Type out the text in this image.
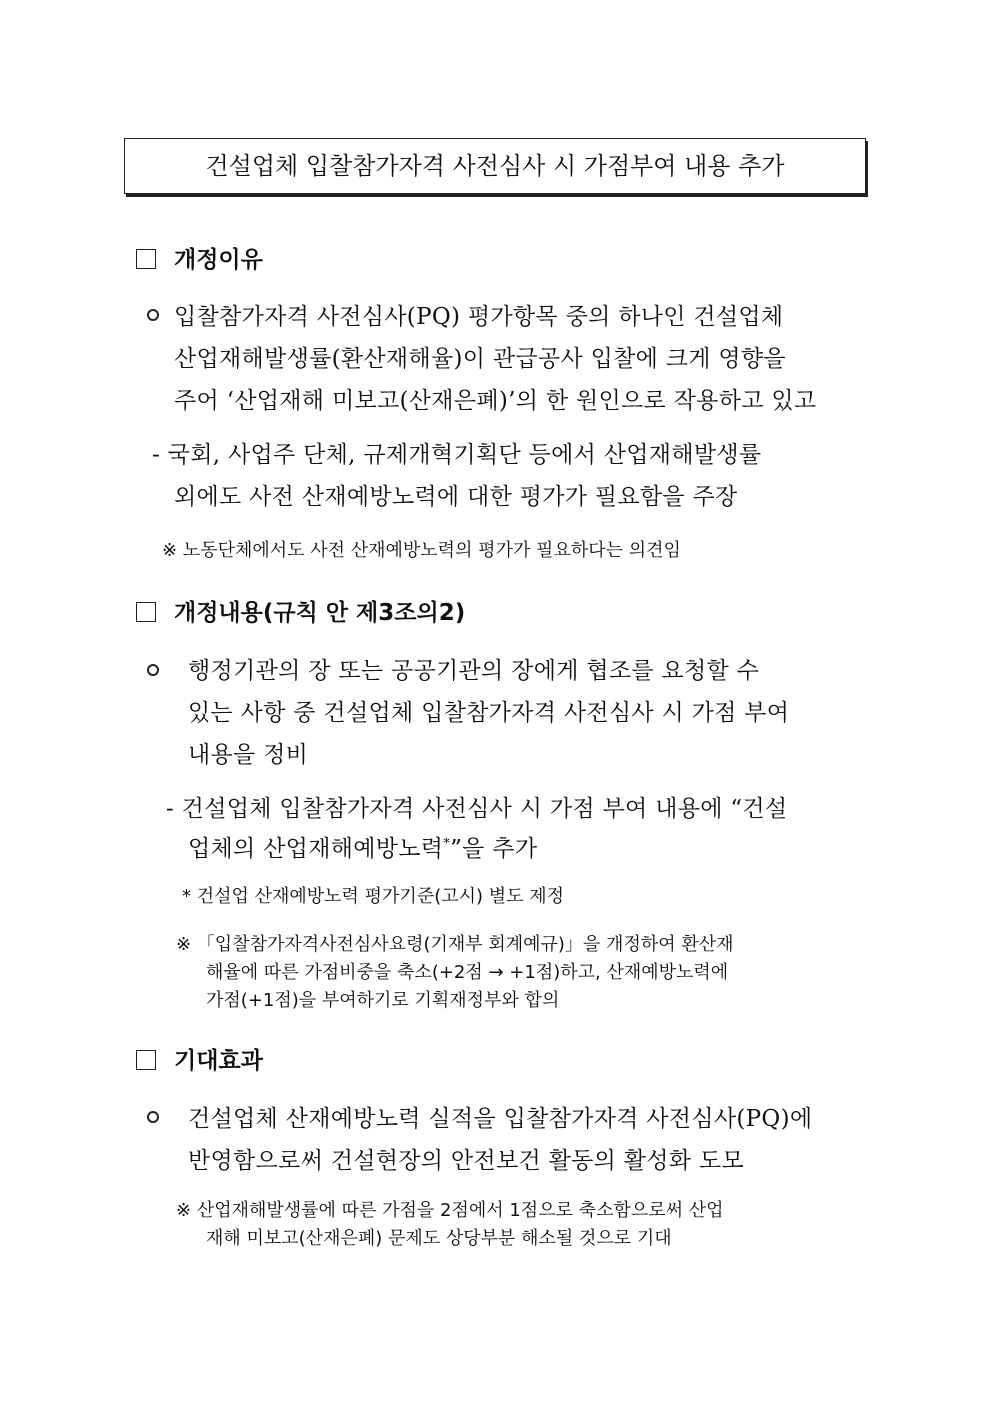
건설업체 입찰참가자격 사전심사 시 가점부여 내용 추가
개정이유
입찰참가자격 사전심사(PQ) 평가항목 중의 하나인 건설업체
산업재해발생률(환산재해율)이 관급공사 입찰에 크게 영향을
주어 ‘산업재해 미보고(산재은폐)’의 한 원인으로 작용하고 있고
- 국회, 사업주 단체, 규제개혁기획단 등에서 산업재해발생률
외에도 사전 산재예방노력에 대한 평가가 필요함을 주장
※ 노동단체에서도 사전 산재예방노력의 평가가 필요하다는 의견임
개정내용(규칙 안 제3조의2)
행정기관의 장 또는 공공기관의 장에게 협조를 요청할 수
있는 사항 중 건설업체 입찰참가자격 사전심사 시 가점 부여
내용을 정비
- 건설업체 입찰참가자격 사전심사 시 가점 부여 내용에 “건설
업체의 산업재해예방노력*”을 추가
* 건설업 산재예방노력 평가기준(고시) 별도 제정
※ 「입찰참가자격사전심사요령(기재부 회계예규)」을 개정하여 환산재
해율에 따른 가점비중을 축소(+2점 → +1점)하고, 산재예방노력에
가점(+1점)을 부여하기로 기획재정부와 합의
기대효과
건설업체 산재예방노력 실적을 입찰참가자격 사전심사(PQ)에
반영함으로써 건설현장의 안전보건 활동의 활성화 도모
※ 산업재해발생률에 따른 가점을 2점에서 1점으로 축소함으로써 산업
재해 미보고(산재은폐) 문제도 상당부분 해소될 것으로 기대
